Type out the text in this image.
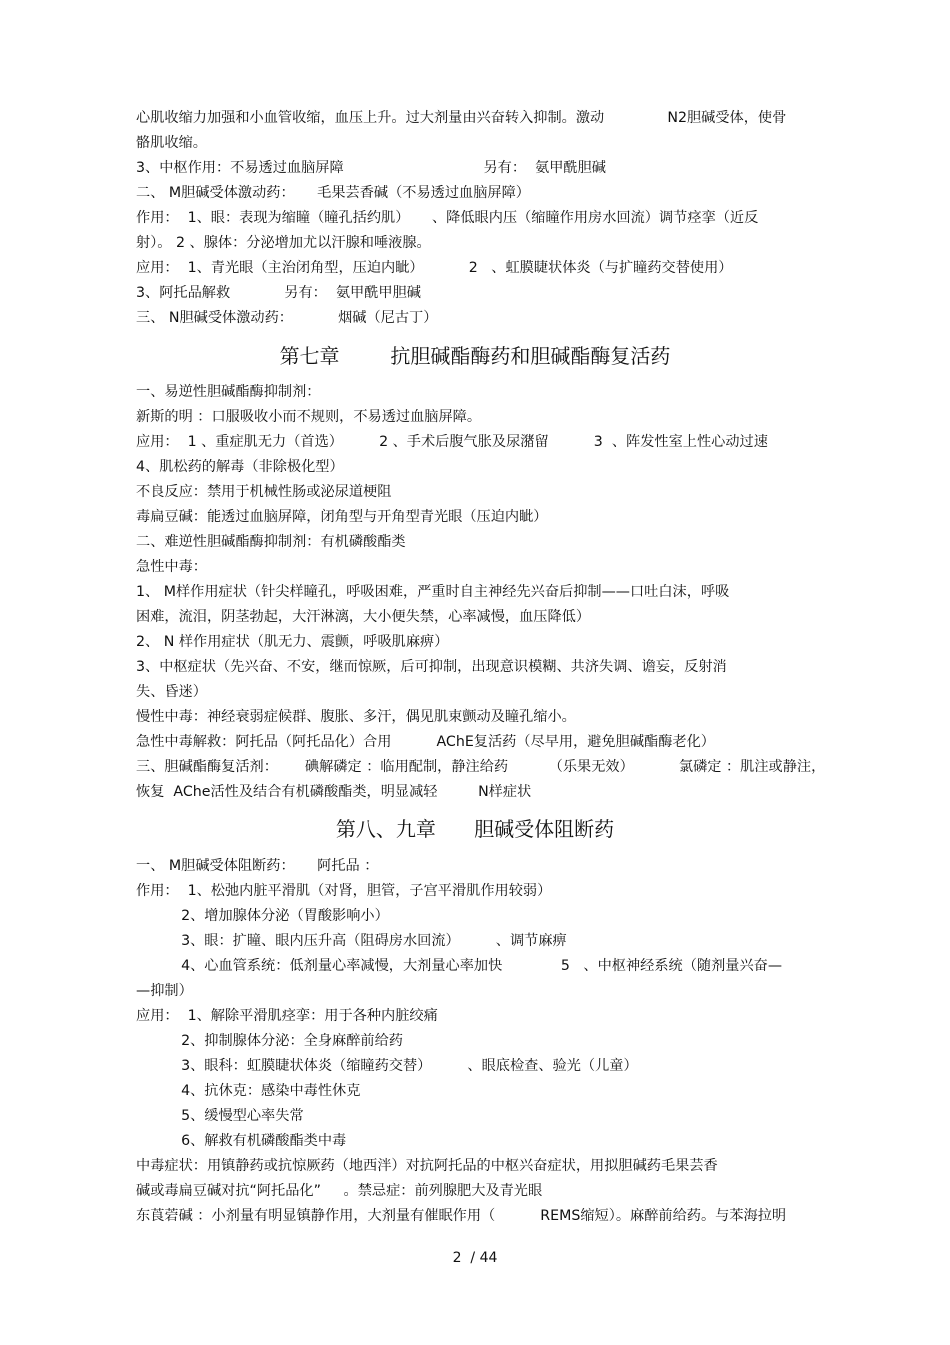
心肌收缩力加强和小血管收缩，血压上升。过大剂量由兴奋转入抑制。激动              N2胆碱受体，使骨
骼肌收缩。
3、中枢作用：不易透过血脑屏障                               另有：  氨甲酰胆碱
二、 M胆碱受体激动药：     毛果芸香碱（不易透过血脑屏障）
作用：  1、眼：表现为缩瞳（瞳孔括约肌）     、降低眼内压（缩瞳作用房水回流）调节痉挛（近反
射）。 2 、腺体：分泌增加尤以汗腺和唾液腺。
应用：  1、青光眼（主治闭角型，压迫内眦）          2   、虹膜睫状体炎（与扩瞳药交替使用）
3、阿托品解救            另有：  氨甲酰甲胆碱
三、 N胆碱受体激动药：          烟碱（尼古丁）
第七章        抗胆碱酯酶药和胆碱酯酶复活药
一、易逆性胆碱酯酶抑制剂：
新斯的明 ：口服吸收小而不规则，不易透过血脑屏障。
应用：  1 、重症肌无力（首选）        2 、手术后腹气胀及尿潴留          3  、阵发性室上性心动过速
4、肌松药的解毒（非除极化型）
不良反应：禁用于机械性肠或泌尿道梗阻
毒扁豆碱：能透过血脑屏障，闭角型与开角型青光眼（压迫内眦）
二、难逆性胆碱酯酶抑制剂：有机磷酸酯类
急性中毒：
1、 M样作用症状（针尖样瞳孔，呼吸困难，严重时自主神经先兴奋后抑制——口吐白沫，呼吸
困难，流泪，阴茎勃起，大汗淋漓，大小便失禁，心率减慢，血压降低）
2、 N 样作用症状（肌无力、震颤，呼吸肌麻痹）
3、中枢症状（先兴奋、不安，继而惊厥，后可抑制，出现意识模糊、共济失调、谵妄，反射消
失、昏迷）
慢性中毒：神经衰弱症候群、腹胀、多汗，偶见肌束颤动及瞳孔缩小。
急性中毒解救：阿托品（阿托品化）合用          AChE复活药（尽早用，避免胆碱酯酶老化）
三、胆碱酯酶复活剂：      碘解磷定 ：临用配制，静注给药         （乐果无效）          氯磷定 ：肌注或静注，
恢复  AChe活性及结合有机磷酸酯类，明显减轻         N样症状
第八、九章      胆碱受体阻断药
一、 M胆碱受体阻断药：     阿托品 ：
作用：  1、松弛内脏平滑肌（对肾，胆管，子宫平滑肌作用较弱）
2、增加腺体分泌（胃酸影响小）
3、眼：扩瞳、眼内压升高（阻碍房水回流）        、调节麻痹
4、心血管系统：低剂量心率减慢，大剂量心率加快             5   、中枢神经系统（随剂量兴奋—
—抑制）
应用：  1、解除平滑肌痉挛：用于各种内脏绞痛
2、抑制腺体分泌：全身麻醉前给药
3、眼科：虹膜睫状体炎（缩瞳药交替）        、眼底检查、验光（儿童）
4、抗休克：感染中毒性休克
5、缓慢型心率失常
6、解救有机磷酸酯类中毒
中毒症状：用镇静药或抗惊厥药（地西泮）对抗阿托品的中枢兴奋症状，用拟胆碱药毛果芸香
碱或毒扁豆碱对抗“阿托品化”     。禁忌症：前列腺肥大及青光眼
东莨菪碱 ：小剂量有明显镇静作用，大剂量有催眠作用（          REMS缩短）。麻醉前给药。与苯海拉明
2  / 44
